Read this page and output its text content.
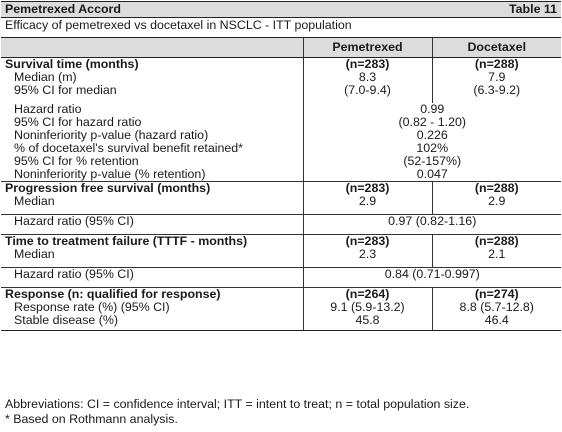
Pemetrexed Accord	Table 11
Efficacy of pemetrexed vs docetaxel in NSCLC - ITT population
	Pemetrexed	Docetaxel
Survival time (months)	(n=283)	(n=288)
Median (m)	8.3	7.9
95% CI for median	(7.0-9.4)	(6.3-9.2)

Hazard ratio	0.99	
95% CI for hazard ratio	(0.82 - 1.20)	
Noninferiority p-value (hazard ratio)	0.226	
% of docetaxel's survival benefit retained*	102%	
95% CI for % retention	(52-157%)	
Noninferiority p-value (% retention)	0.047	
Progression free survival (months)	(n=283)	(n=288)
Median	2.9	2.9

Hazard ratio (95% CI)	0.97 (0.82-1.16)	

Time to treatment failure (TTTF - months)	(n=283)	(n=288)
Median	2.3	2.1

Hazard ratio (95% CI)	0.84 (0.71-0.997)	

Response (n: qualified for response)	(n=264)	(n=274)
Response rate (%) (95% CI)	9.1 (5.9-13.2)	8.8 (5.7-12.8)
Stable disease (%)	45.8	46.4
Abbreviations: CI = confidence interval; ITT = intent to treat; n = total population size.
* Based on Rothmann analysis.
